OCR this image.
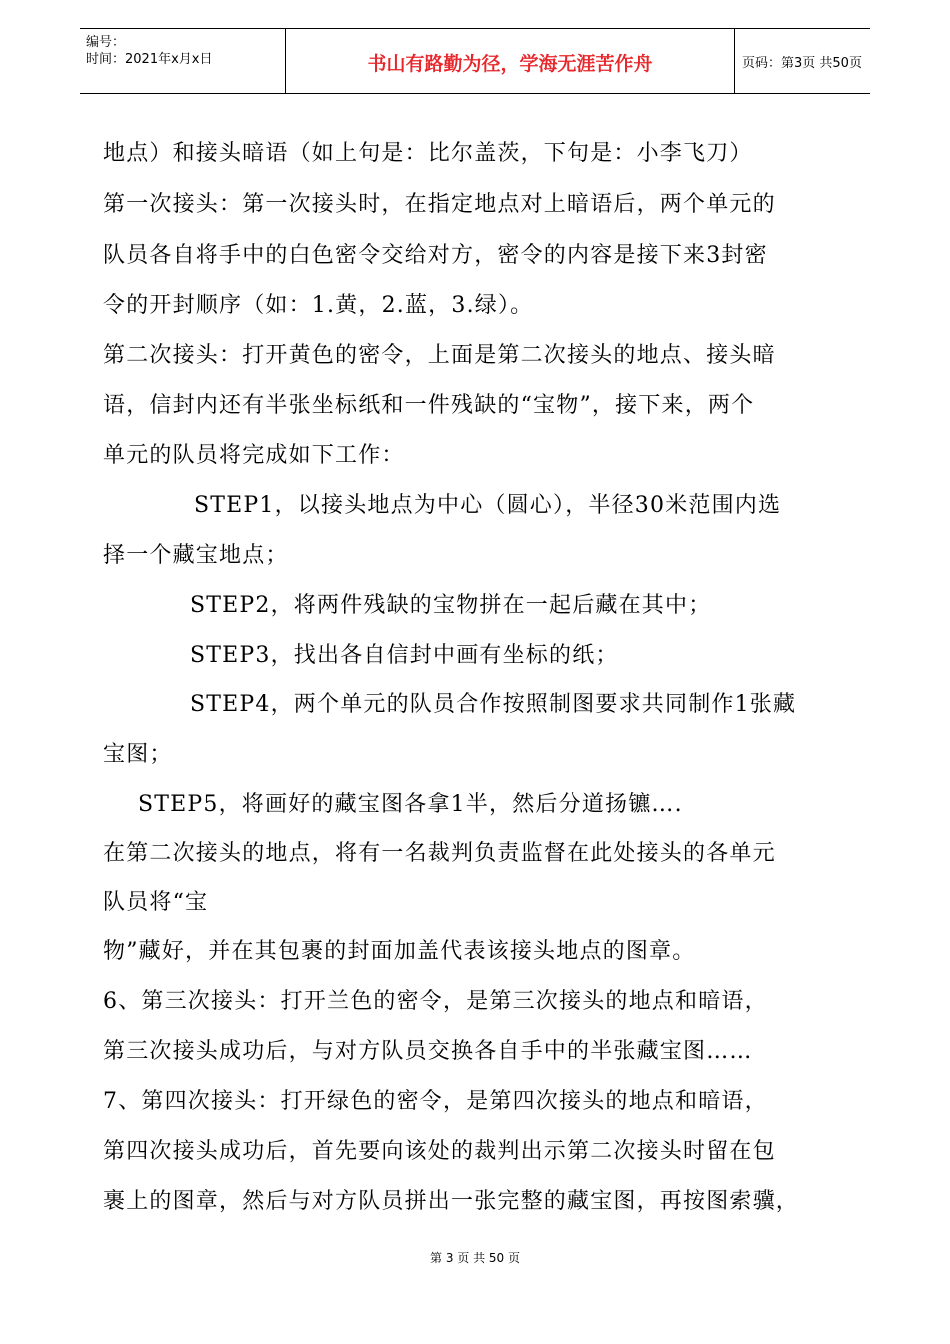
编号：
时间：2021年x月x日	书山有路勤为径，学海无涯苦作舟	页码：第3页 共50页
地点）和接头暗语（如上句是：比尔盖茨，下句是：小李飞刀）
第一次接头：第一次接头时，在指定地点对上暗语后，两个单元的
队员各自将手中的白色密令交给对方，密令的内容是接下来3封密
令的开封顺序（如：1.黄，2.蓝，3.绿）。
第二次接头：打开黄色的密令，上面是第二次接头的地点、接头暗
语，信封内还有半张坐标纸和一件残缺的“宝物”，接下来，两个
单元的队员将完成如下工作：
STEP1，以接头地点为中心（圆心），半径30米范围内选
择一个藏宝地点；
STEP2，将两件残缺的宝物拼在一起后藏在其中；
STEP3，找出各自信封中画有坐标的纸；
STEP4，两个单元的队员合作按照制图要求共同制作1张藏
宝图；
STEP5，将画好的藏宝图各拿1半，然后分道扬镳….
在第二次接头的地点，将有一名裁判负责监督在此处接头的各单元
队员将“宝
物”藏好，并在其包裹的封面加盖代表该接头地点的图章。
6、第三次接头：打开兰色的密令，是第三次接头的地点和暗语，
第三次接头成功后，与对方队员交换各自手中的半张藏宝图……
7、第四次接头：打开绿色的密令，是第四次接头的地点和暗语，
第四次接头成功后，首先要向该处的裁判出示第二次接头时留在包
裹上的图章，然后与对方队员拼出一张完整的藏宝图，再按图索骥，
第 3 页 共 50 页
